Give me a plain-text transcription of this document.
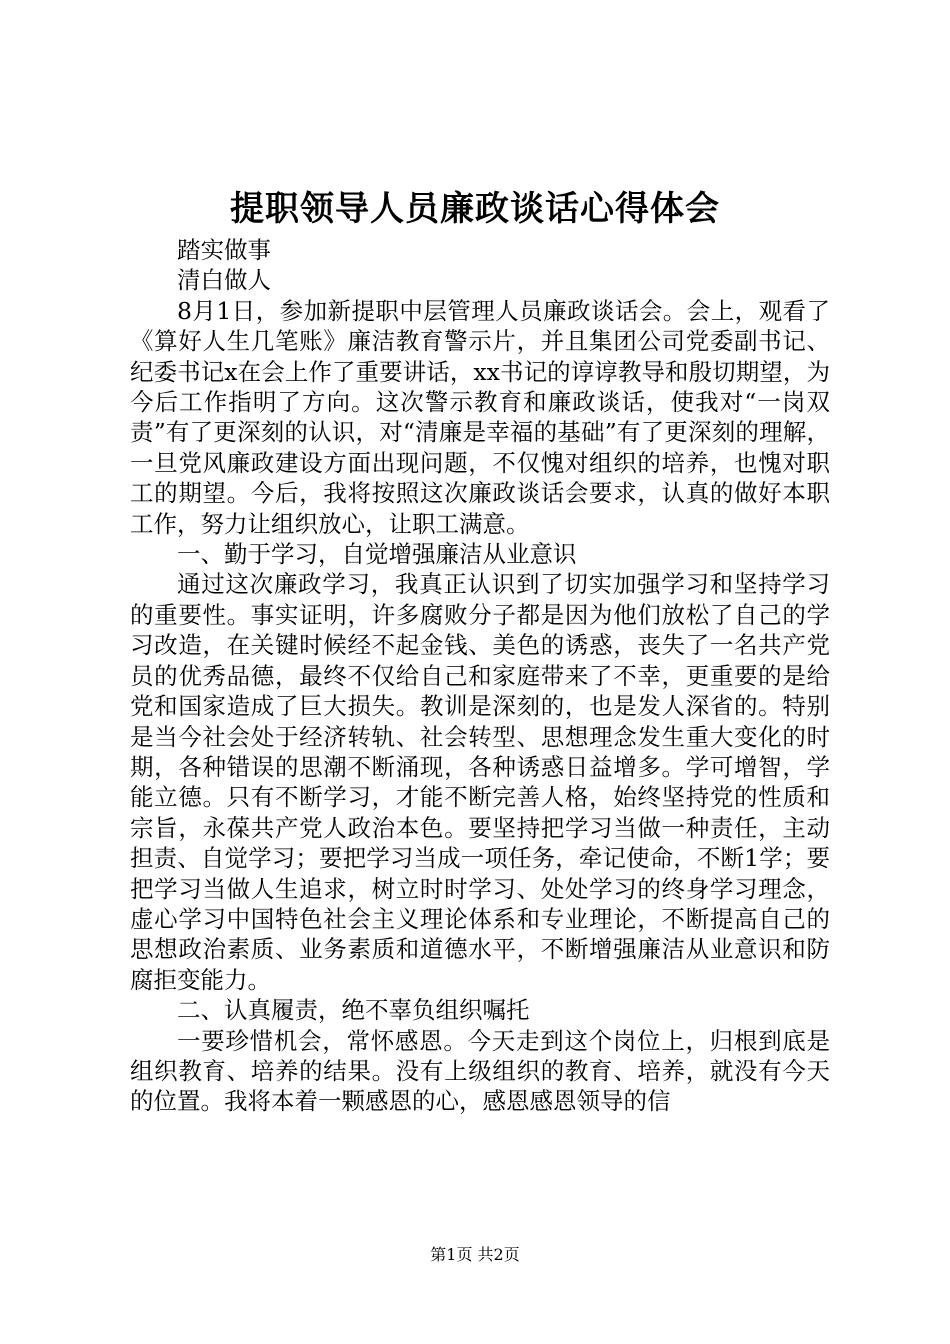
提职领导人员廉政谈话心得体会

踏实做事

清白做人

8月1日，参加新提职中层管理人员廉政谈话会。会上，观看了《算好人生几笔账》廉洁教育警示片，并且集团公司党委副书记、纪委书记x在会上作了重要讲话，xx书记的谆谆教导和殷切期望，为今后工作指明了方向。这次警示教育和廉政谈话，使我对“一岗双责”有了更深刻的认识，对“清廉是幸福的基础”有了更深刻的理解，一旦党风廉政建设方面出现问题，不仅愧对组织的培养，也愧对职工的期望。今后，我将按照这次廉政谈话会要求，认真的做好本职工作，努力让组织放心，让职工满意。

一、勤于学习，自觉增强廉洁从业意识

通过这次廉政学习，我真正认识到了切实加强学习和坚持学习的重要性。事实证明，许多腐败分子都是因为他们放松了自己的学习改造，在关键时候经不起金钱、美色的诱惑，丧失了一名共产党员的优秀品德，最终不仅给自己和家庭带来了不幸，更重要的是给党和国家造成了巨大损失。教训是深刻的，也是发人深省的。特别是当今社会处于经济转轨、社会转型、思想理念发生重大变化的时期，各种错误的思潮不断涌现，各种诱惑日益增多。学可增智，学能立德。只有不断学习，才能不断完善人格，始终坚持党的性质和宗旨，永葆共产党人政治本色。要坚持把学习当做一种责任，主动担责、自觉学习；要把学习当成一项任务，牵记使命，不断1学；要把学习当做人生追求，树立时时学习、处处学习的终身学习理念，虚心学习中国特色社会主义理论体系和专业理论，不断提高自己的思想政治素质、业务素质和道德水平，不断增强廉洁从业意识和防腐拒变能力。

二、认真履责，绝不辜负组织嘱托

一要珍惜机会，常怀感恩。今天走到这个岗位上，归根到底是组织教育、培养的结果。没有上级组织的教育、培养，就没有今天的位置。我将本着一颗感恩的心，感恩感恩领导的信

第1页 共2页
